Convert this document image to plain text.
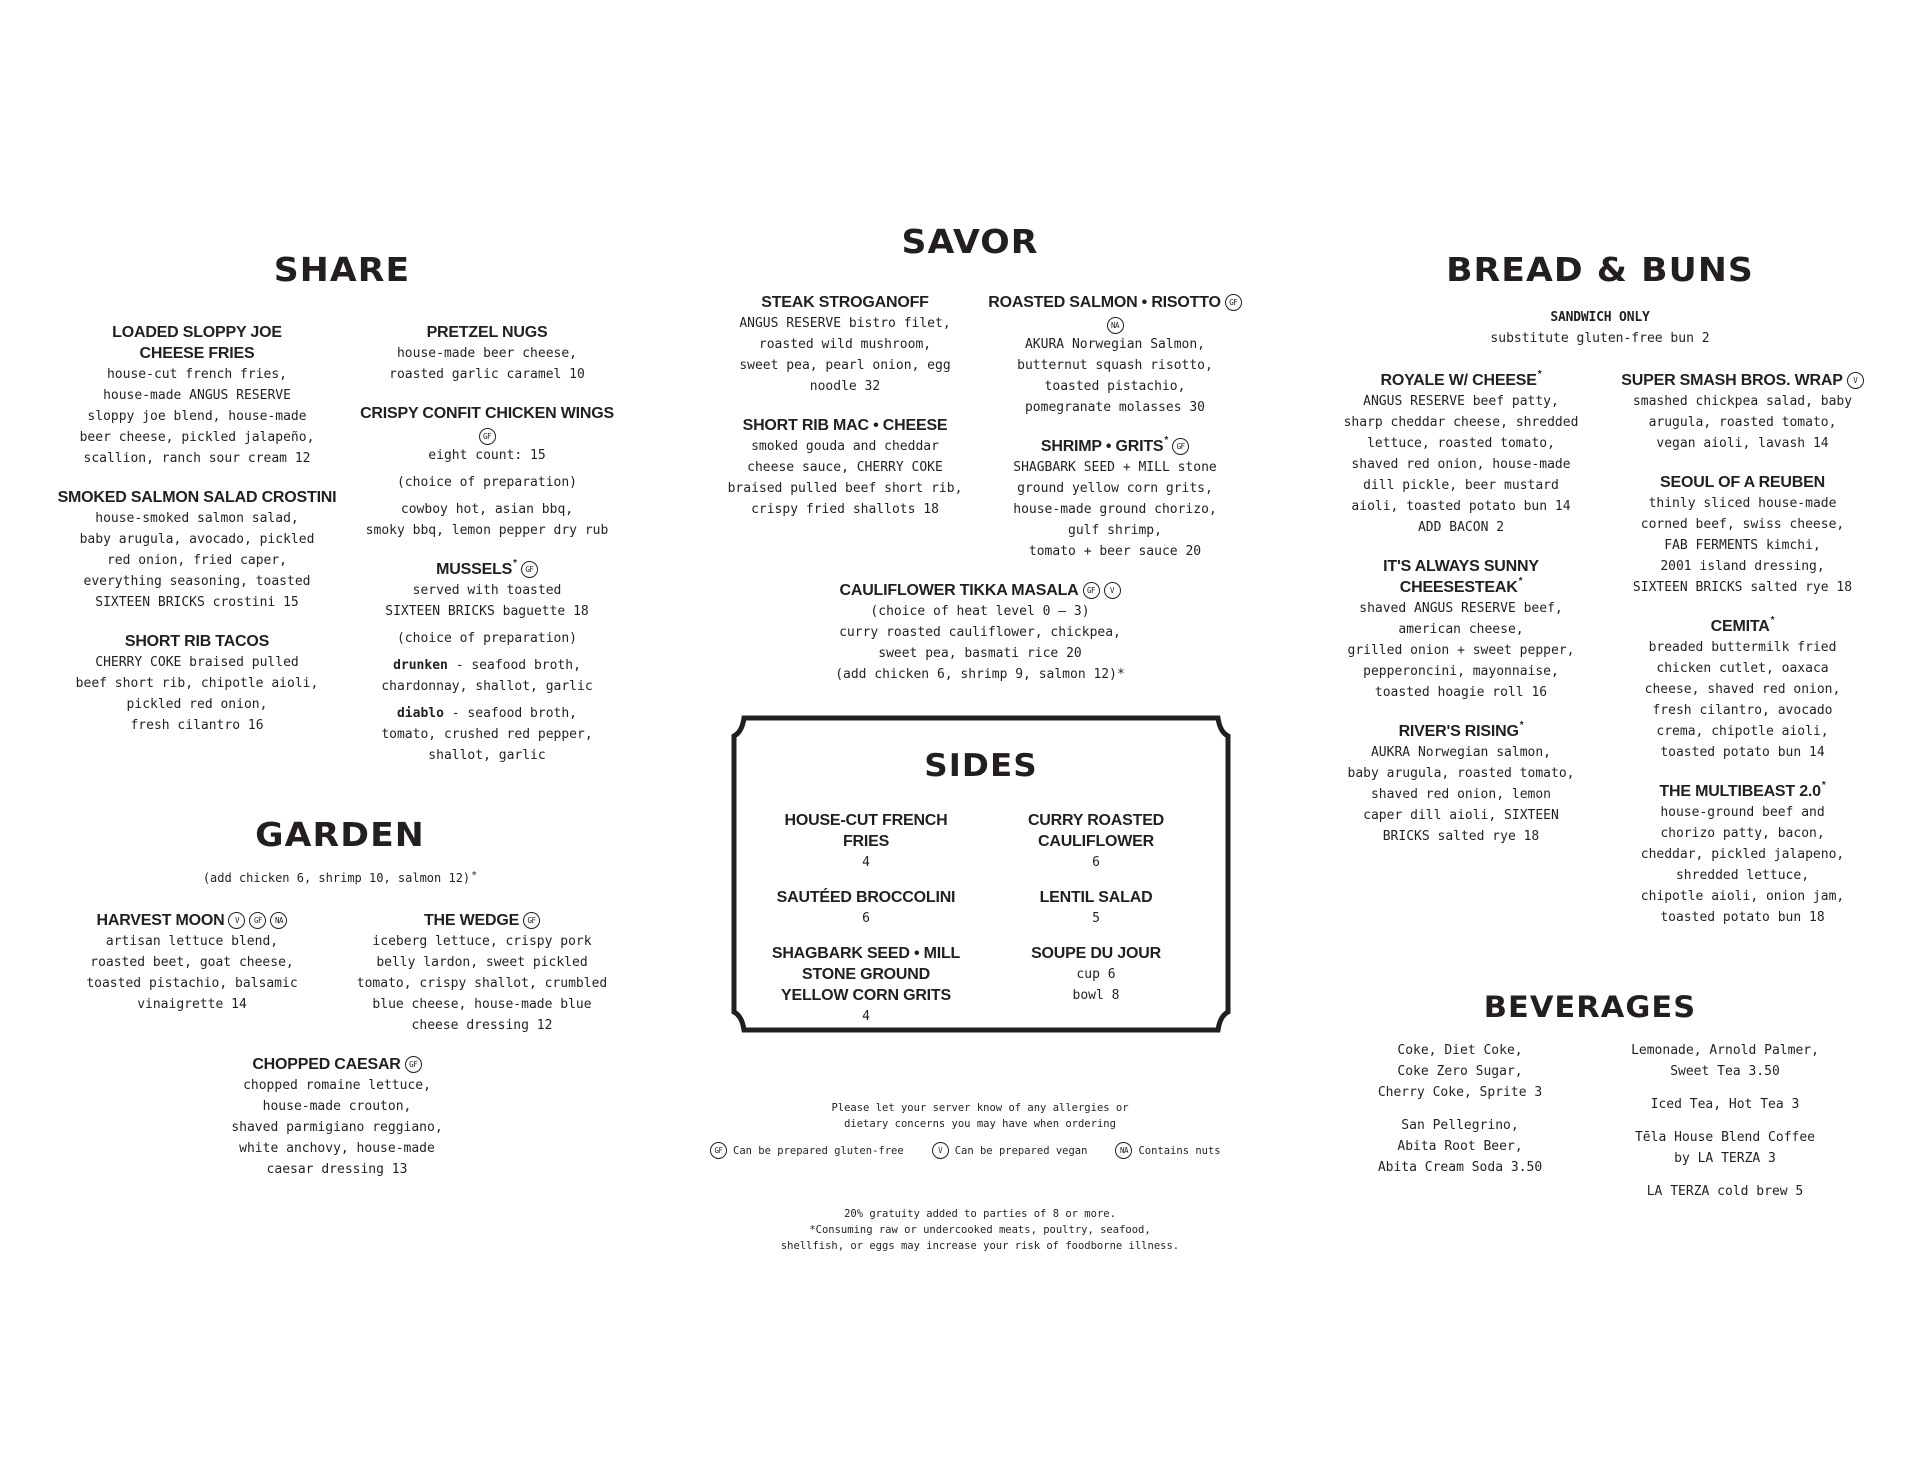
SHARE
LOADED SLOPPY JOE
CHEESE FRIES
house-cut french fries,
house-made ANGUS RESERVE
sloppy joe blend, house-made
beer cheese, pickled jalapeño,
scallion, ranch sour cream 12
SMOKED SALMON SALAD CROSTINI
house-smoked salmon salad,
baby arugula, avocado, pickled
red onion, fried caper,
everything seasoning, toasted
SIXTEEN BRICKS crostini 15
SHORT RIB TACOS
CHERRY COKE braised pulled
beef short rib, chipotle aioli,
pickled red onion,
fresh cilantro 16
PRETZEL NUGS
house-made beer cheese,
roasted garlic caramel 10
CRISPY CONFIT CHICKEN WINGS
GF
eight count: 15
(choice of preparation)
cowboy hot, asian bbq,
smoky bbq, lemon pepper dry rub
MUSSELS *
GF
served with toasted
SIXTEEN BRICKS baguette 18
(choice of preparation)
drunken - seafood broth,
chardonnay, shallot, garlic
diablo - seafood broth,
tomato, crushed red pepper,
shallot, garlic
GARDEN
(add chicken 6, shrimp 10, salmon 12)*
HARVEST MOON	V	GF	NA
artisan lettuce blend,
roasted beet, goat cheese,
toasted pistachio, balsamic
vinaigrette 14
THE WEDGE	GF
iceberg lettuce, crispy pork
belly lardon, sweet pickled
tomato, crispy shallot, crumbled
blue cheese, house-made blue
cheese dressing 12
CHOPPED CAESAR	GF
chopped romaine lettuce,
house-made crouton,
shaved parmigiano reggiano,
white anchovy, house-made
caesar dressing 13
SAVOR
STEAK STROGANOFF
ANGUS RESERVE bistro filet,
roasted wild mushroom,
sweet pea, pearl onion, egg
noodle 32
SHORT RIB MAC • CHEESE
smoked gouda and cheddar
cheese sauce, CHERRY COKE
braised pulled beef short rib,
crispy fried shallots 18
ROASTED SALMON • RISOTTO	GF
NA
AKURA Norwegian Salmon,
butternut squash risotto,
toasted pistachio,
pomegranate molasses 30
SHRIMP • GRITS *
GF
SHAGBARK SEED + MILL stone
ground yellow corn grits,
house-made ground chorizo,
gulf shrimp,
tomato + beer sauce 20
CAULIFLOWER TIKKA MASALA	GF	V
(choice of heat level 0 – 3)
curry roasted cauliflower, chickpea,
sweet pea, basmati rice 20
(add chicken 6, shrimp 9, salmon 12)*
SIDES
HOUSE-CUT FRENCH FRIES
4
SAUTÉED BROCCOLINI
6
SHAGBARK SEED • MILL
STONE GROUND
YELLOW CORN GRITS
4
CURRY ROASTED
CAULIFLOWER
6
LENTIL SALAD
5
SOUPE DU JOUR
cup 6
bowl 8
Please let your server know of any allergies or
dietary concerns you may have when ordering
GF Can be prepared gluten-free	V	Can be prepared vegan	NA Contains nuts
20% gratuity added to parties of 8 or more.
*Consuming raw or undercooked meats, poultry, seafood,
shellfish, or eggs may increase your risk of foodborne illness.
BREAD & BUNS
SANDWICH ONLY
substitute gluten-free bun 2
ROYALE W/ CHEESE *
ANGUS RESERVE beef patty,
sharp cheddar cheese, shredded
lettuce, roasted tomato,
shaved red onion, house-made
dill pickle, beer mustard
aioli, toasted potato bun 14
ADD BACON 2
IT'S ALWAYS SUNNY

CHEESESTEAK *
shaved ANGUS RESERVE beef,
american cheese,
grilled onion + sweet pepper,
pepperoncini, mayonnaise,
toasted hoagie roll 16
RIVER'S RISING *
AUKRA Norwegian salmon,
baby arugula, roasted tomato,
shaved red onion, lemon
caper dill aioli, SIXTEEN
BRICKS salted rye 18
SUPER SMASH BROS. WRAP	V
smashed chickpea salad, baby
arugula, roasted tomato,
vegan aioli, lavash 14
SEOUL OF A REUBEN
thinly sliced house-made
corned beef, swiss cheese,
FAB FERMENTS kimchi,
2001 island dressing,
SIXTEEN BRICKS salted rye 18
CEMITA *
breaded buttermilk fried
chicken cutlet, oaxaca
cheese, shaved red onion,
fresh cilantro, avocado
crema, chipotle aioli,
toasted potato bun 14
THE MULTIBEAST 2.0 *
house-ground beef and
chorizo patty, bacon,
cheddar, pickled jalapeno,
shredded lettuce,
chipotle aioli, onion jam,
toasted potato bun 18
BEVERAGES
Coke, Diet Coke,
Coke Zero Sugar,
Cherry Coke, Sprite 3
San Pellegrino,
Abita Root Beer,
Abita Cream Soda 3.50
Lemonade, Arnold Palmer,
Sweet Tea 3.50
Iced Tea, Hot Tea 3
Tēla House Blend Coffee
by LA TERZA 3
LA TERZA cold brew 5
